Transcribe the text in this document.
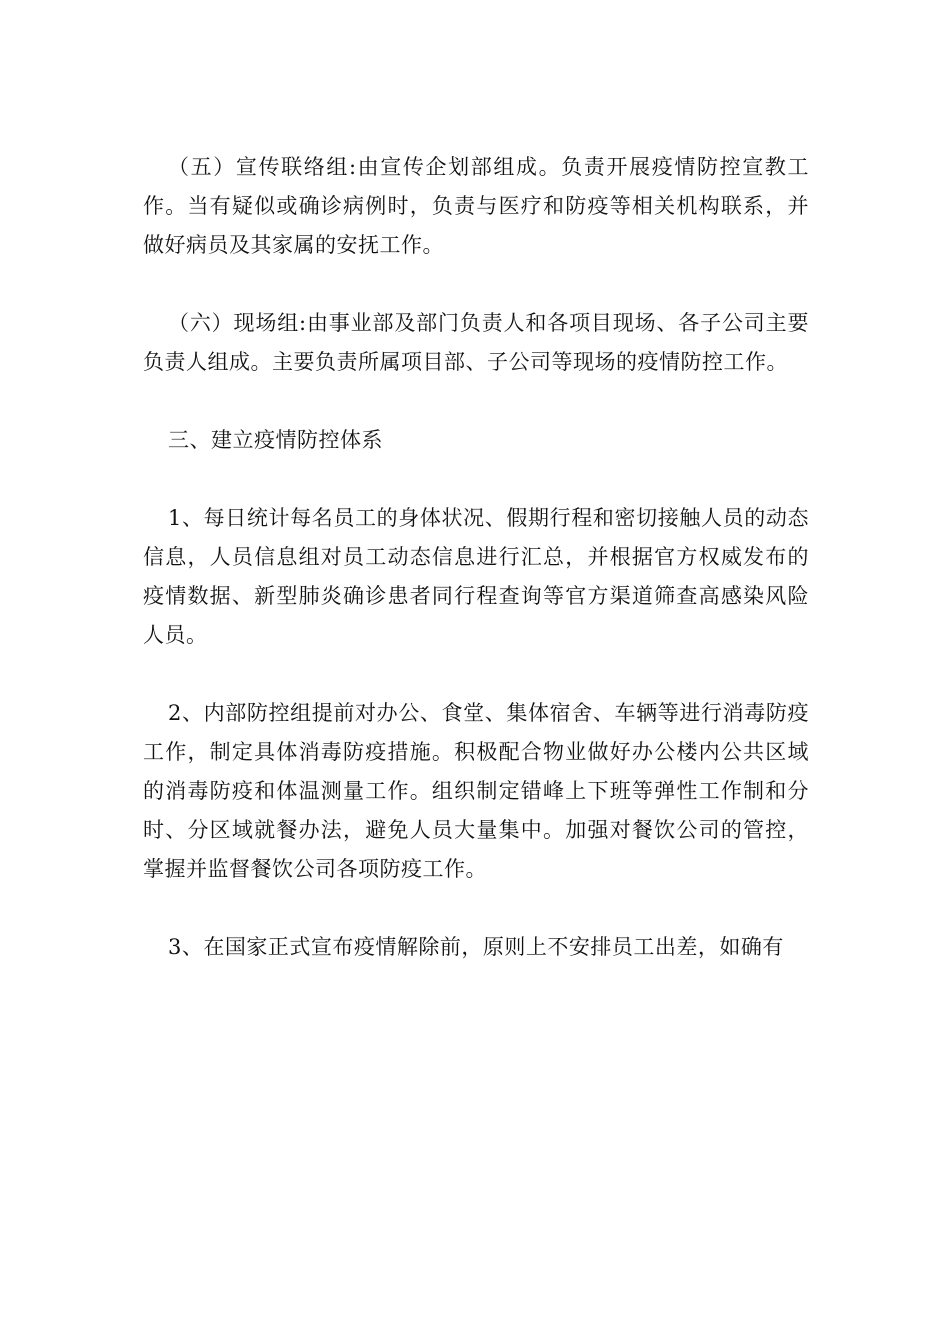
（五）宣传联络组:由宣传企划部组成。负责开展疫情防控宣教工作。当有疑似或确诊病例时，负责与医疗和防疫等相关机构联系，并做好病员及其家属的安抚工作。

（六）现场组:由事业部及部门负责人和各项目现场、各子公司主要负责人组成。主要负责所属项目部、子公司等现场的疫情防控工作。

三、建立疫情防控体系

1、每日统计每名员工的身体状况、假期行程和密切接触人员的动态信息，人员信息组对员工动态信息进行汇总，并根据官方权威发布的疫情数据、新型肺炎确诊患者同行程查询等官方渠道筛查高感染风险人员。

2、内部防控组提前对办公、食堂、集体宿舍、车辆等进行消毒防疫工作，制定具体消毒防疫措施。积极配合物业做好办公楼内公共区域的消毒防疫和体温测量工作。组织制定错峰上下班等弹性工作制和分时、分区域就餐办法，避免人员大量集中。加强对餐饮公司的管控，掌握并监督餐饮公司各项防疫工作。

3、在国家正式宣布疫情解除前，原则上不安排员工出差，如确有
